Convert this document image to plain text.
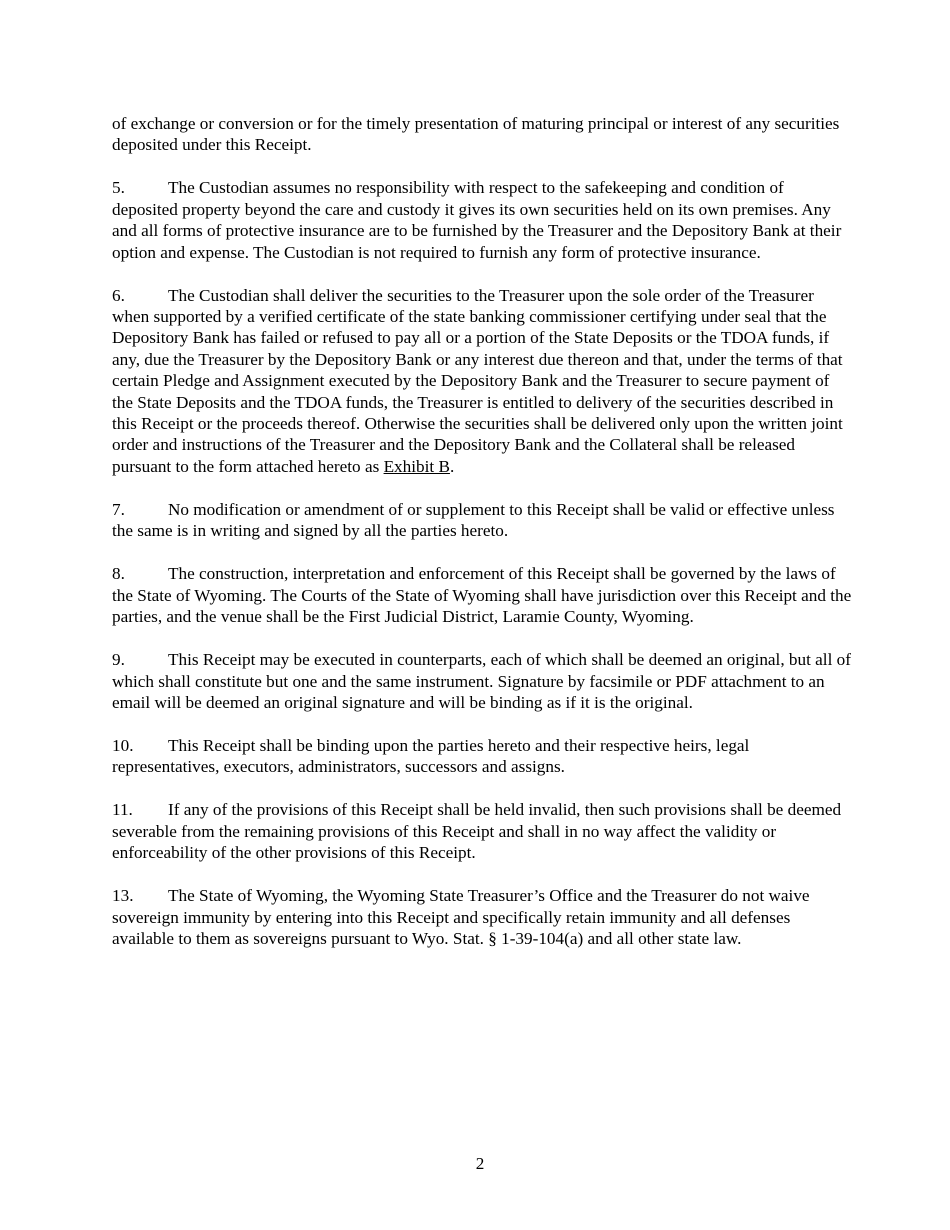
of exchange or conversion or for the timely presentation of maturing principal or interest of any securities deposited under this Receipt.

5.	The Custodian assumes no responsibility with respect to the safekeeping and condition of deposited property beyond the care and custody it gives its own securities held on its own premises. Any and all forms of protective insurance are to be furnished by the Treasurer and the Depository Bank at their option and expense. The Custodian is not required to furnish any form of protective insurance.

6.	The Custodian shall deliver the securities to the Treasurer upon the sole order of the Treasurer when supported by a verified certificate of the state banking commissioner certifying under seal that the Depository Bank has failed or refused to pay all or a portion of the State Deposits or the TDOA funds, if any, due the Treasurer by the Depository Bank or any interest due thereon and that, under the terms of that certain Pledge and Assignment executed by the Depository Bank and the Treasurer to secure payment of the State Deposits and the TDOA funds, the Treasurer is entitled to delivery of the securities described in this Receipt or the proceeds thereof. Otherwise the securities shall be delivered only upon the written joint order and instructions of the Treasurer and the Depository Bank and the Collateral shall be released pursuant to the form attached hereto as Exhibit B.

7.	No modification or amendment of or supplement to this Receipt shall be valid or effective unless the same is in writing and signed by all the parties hereto.

8.	The construction, interpretation and enforcement of this Receipt shall be governed by the laws of the State of Wyoming. The Courts of the State of Wyoming shall have jurisdiction over this Receipt and the parties, and the venue shall be the First Judicial District, Laramie County, Wyoming.

9.	This Receipt may be executed in counterparts, each of which shall be deemed an original, but all of which shall constitute but one and the same instrument. Signature by facsimile or PDF attachment to an email will be deemed an original signature and will be binding as if it is the original.

10. This Receipt shall be binding upon the parties hereto and their respective heirs, legal representatives, executors, administrators, successors and assigns.

11. If any of the provisions of this Receipt shall be held invalid, then such provisions shall be deemed severable from the remaining provisions of this Receipt and shall in no way affect the validity or enforceability of the other provisions of this Receipt.

13. The State of Wyoming, the Wyoming State Treasurer’s Office and the Treasurer do not waive sovereign immunity by entering into this Receipt and specifically retain immunity and all defenses available to them as sovereigns pursuant to Wyo. Stat. § 1-39-104(a) and all other state law.

2
